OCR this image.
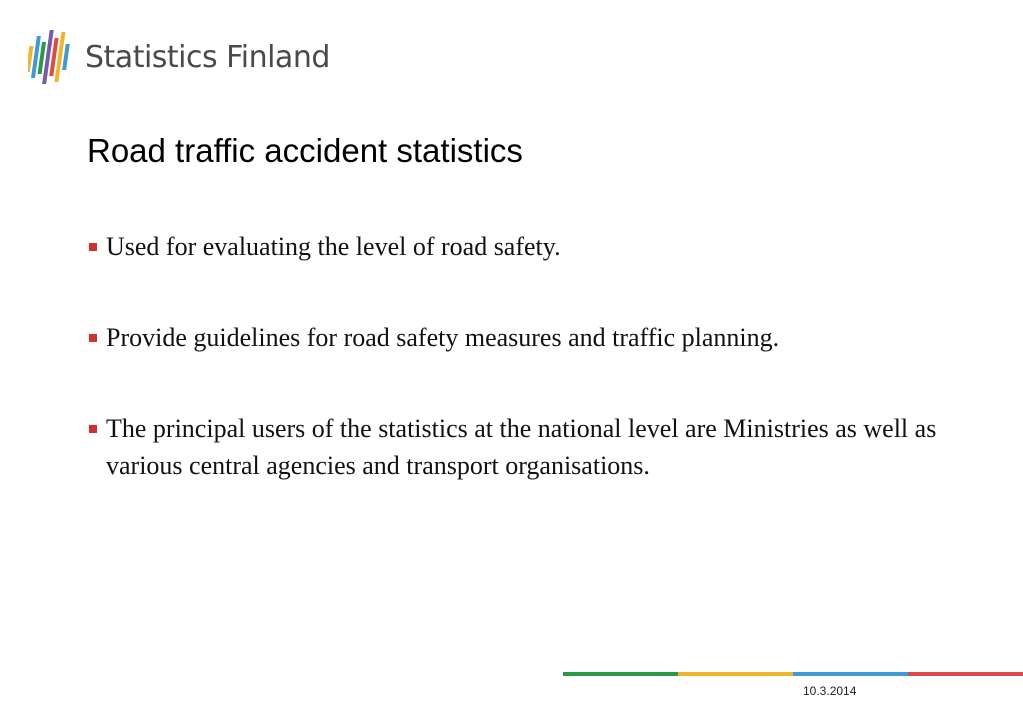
Statistics Finland
Road traffic accident statistics
Used for evaluating the level of road safety.
Provide guidelines for road safety measures and traffic planning.
The principal users of the statistics at the national level are Ministries as well as various central agencies and transport organisations.
10.3.2014
